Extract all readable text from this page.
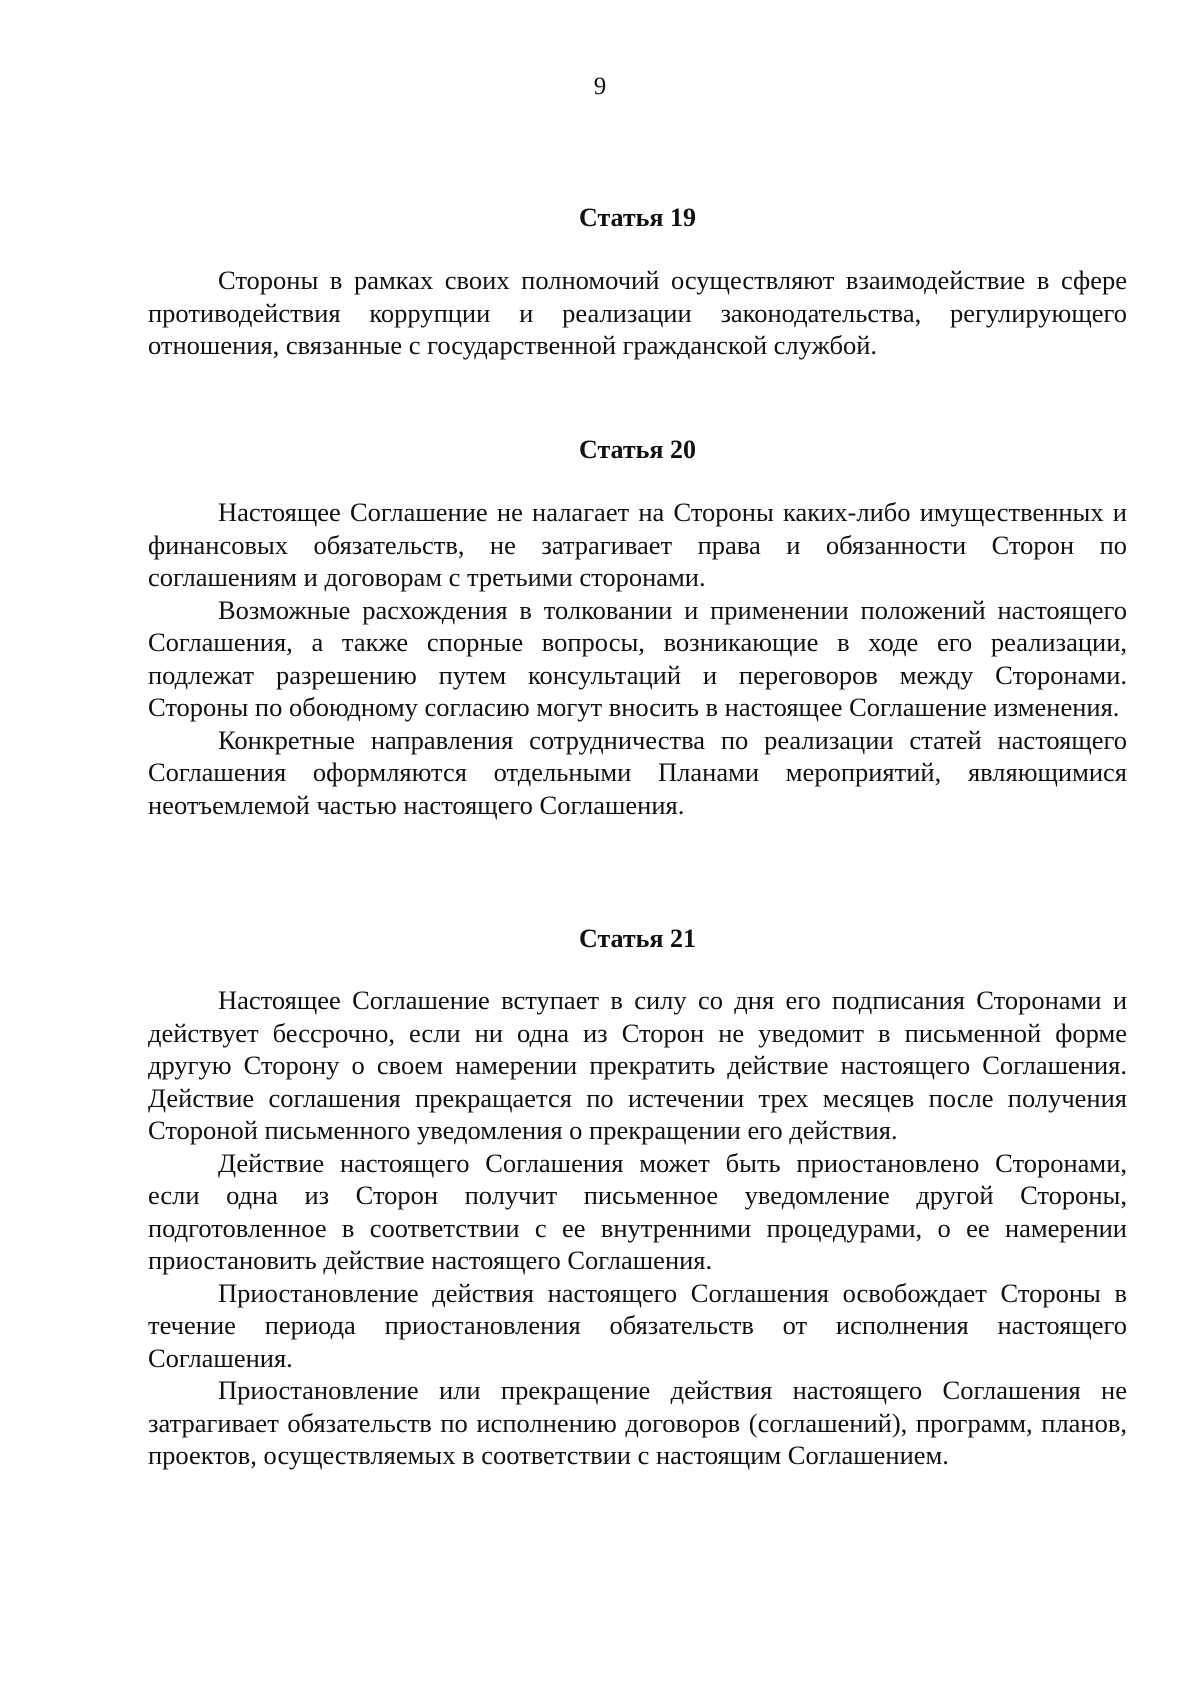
9
Статья 19

Стороны в рамках своих полномочий осуществляют взаимодействие в сфере противодействия коррупции и реализации законодательства, регулирующего отношения, связанные с государственной гражданской службой.

Статья 20

Настоящее Соглашение не налагает на Стороны каких-либо имущественных и финансовых обязательств, не затрагивает права и обязанности Сторон по соглашениям и договорам с третьими сторонами.

Возможные расхождения в толковании и применении положений настоящего Соглашения, а также спорные вопросы, возникающие в ходе его реализации, подлежат разрешению путем консультаций и переговоров между Сторонами. Стороны по обоюдному согласию могут вносить в настоящее Соглашение изменения.

Конкретные направления сотрудничества по реализации статей настоящего Соглашения оформляются отдельными Планами мероприятий, являющимися неотъемлемой частью настоящего Соглашения.

Статья 21

Настоящее Соглашение вступает в силу со дня его подписания Сторонами и действует бессрочно, если ни одна из Сторон не уведомит в письменной форме другую Сторону о своем намерении прекратить действие настоящего Соглашения. Действие соглашения прекращается по истечении трех месяцев после получения Стороной письменного уведомления о прекращении его действия.

Действие настоящего Соглашения может быть приостановлено Сторонами, если одна из Сторон получит письменное уведомление другой Стороны, подготовленное в соответствии с ее внутренними процедурами, о ее намерении приостановить действие настоящего Соглашения.

Приостановление действия настоящего Соглашения освобождает Стороны в течение периода приостановления обязательств от исполнения настоящего Соглашения.

Приостановление или прекращение действия настоящего Соглашения не затрагивает обязательств по исполнению договоров (соглашений), программ, планов, проектов, осуществляемых в соответствии с настоящим Соглашением.
